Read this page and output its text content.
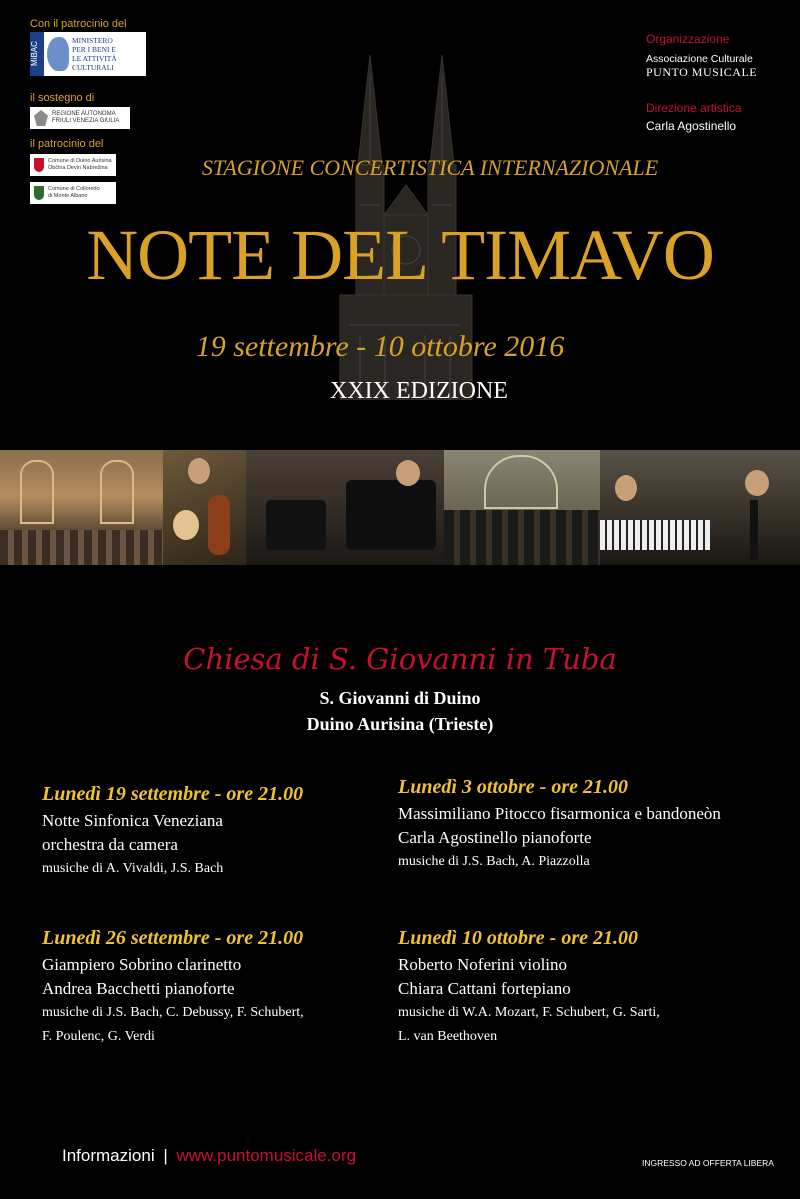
Con il patrocinio del
MiBAC
MINISTERO
PER I BENI E
LE ATTIVITÀ
CULTURALI
il sostegno di
REGIONE AUTONOMA
FRIULI VENEZIA GIULIA
il patrocinio del
Comune di Duino Aurisina
Občina Devin Nabrežina
Comune di Colloredo
di Monte Albano
Organizzazione
Associazione Culturale
PUNTO MUSICALE
Direzione artistica
Carla Agostinello
STAGIONE CONCERTISTICA INTERNAZIONALE
NOTE DEL TIMAVO
19 settembre - 10 ottobre 2016
XXIX EDIZIONE
Chiesa di S. Giovanni in Tuba
S. Giovanni di Duino
Duino Aurisina (Trieste)
Lunedì 19 settembre - ore 21.00
Notte Sinfonica Veneziana
orchestra da camera
musiche di A. Vivaldi, J.S. Bach
Lunedì 3 ottobre - ore 21.00
Massimiliano Pitocco fisarmonica e bandoneòn
Carla Agostinello pianoforte
musiche di J.S. Bach, A. Piazzolla
Lunedì 26 settembre - ore 21.00
Giampiero Sobrino clarinetto
Andrea Bacchetti pianoforte
musiche di J.S. Bach, C. Debussy, F. Schubert,
F. Poulenc, G. Verdi
Lunedì 10 ottobre - ore 21.00
Roberto Noferini violino
Chiara Cattani fortepiano
musiche di W.A. Mozart, F. Schubert, G. Sarti,
L. van Beethoven
Informazioni | www.puntomusicale.org	INGRESSO AD OFFERTA LIBERA
